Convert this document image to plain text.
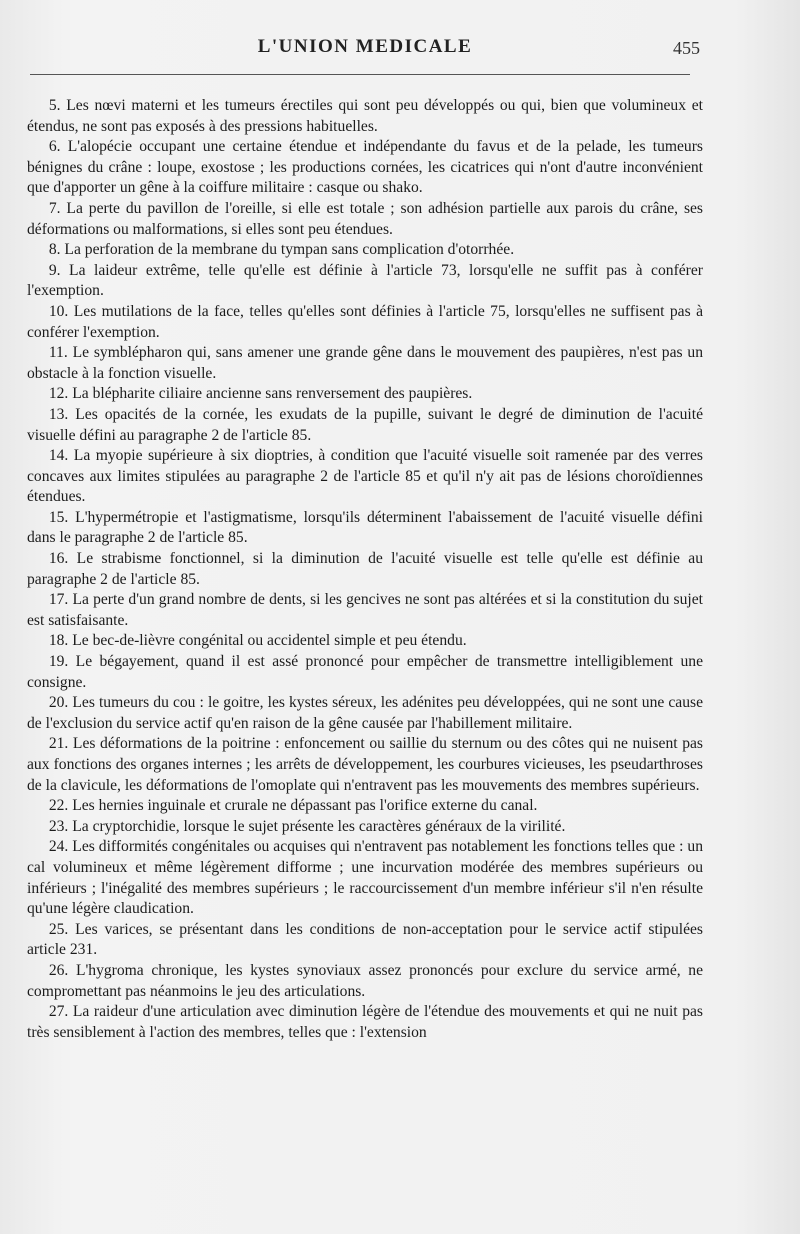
L'UNION MEDICALE	455

5. Les nœvi materni et les tumeurs érectiles qui sont peu développés ou qui, bien que volumineux et étendus, ne sont pas exposés à des pressions habituelles.

6. L'alopécie occupant une certaine étendue et indépendante du favus et de la pelade, les tumeurs bénignes du crâne : loupe, exostose ; les productions cornées, les cicatrices qui n'ont d'autre inconvénient que d'apporter un gêne à la coiffure militaire : casque ou shako.

7. La perte du pavillon de l'oreille, si elle est totale ; son adhésion partielle aux parois du crâne, ses déformations ou malformations, si elles sont peu étendues.

8. La perforation de la membrane du tympan sans complication d'otorrhée.

9. La laideur extrême, telle qu'elle est définie à l'article 73, lorsqu'elle ne suffit pas à conférer l'exemption.

10. Les mutilations de la face, telles qu'elles sont définies à l'article 75, lorsqu'elles ne suffisent pas à conférer l'exemption.

11. Le symblépharon qui, sans amener une grande gêne dans le mouvement des paupières, n'est pas un obstacle à la fonction visuelle.

12. La blépharite ciliaire ancienne sans renversement des paupières.

13. Les opacités de la cornée, les exudats de la pupille, suivant le degré de diminution de l'acuité visuelle défini au paragraphe 2 de l'article 85.

14. La myopie supérieure à six dioptries, à condition que l'acuité visuelle soit ramenée par des verres concaves aux limites stipulées au paragraphe 2 de l'article 85 et qu'il n'y ait pas de lésions choroïdiennes étendues.

15. L'hypermétropie et l'astigmatisme, lorsqu'ils déterminent l'abaissement de l'acuité visuelle défini dans le paragraphe 2 de l'article 85.

16. Le strabisme fonctionnel, si la diminution de l'acuité visuelle est telle qu'elle est définie au paragraphe 2 de l'article 85.

17. La perte d'un grand nombre de dents, si les gencives ne sont pas altérées et si la constitution du sujet est satisfaisante.

18. Le bec-de-lièvre congénital ou accidentel simple et peu étendu.

19. Le bégayement, quand il est assé prononcé pour empêcher de transmettre intelligiblement une consigne.

20. Les tumeurs du cou : le goitre, les kystes séreux, les adénites peu développées, qui ne sont une cause de l'exclusion du service actif qu'en raison de la gêne causée par l'habillement militaire.

21. Les déformations de la poitrine : enfoncement ou saillie du sternum ou des côtes qui ne nuisent pas aux fonctions des organes internes ; les arrêts de développement, les courbures vicieuses, les pseudarthroses de la clavicule, les déformations de l'omoplate qui n'entravent pas les mouvements des membres supérieurs.

22. Les hernies inguinale et crurale ne dépassant pas l'orifice externe du canal.

23. La cryptorchidie, lorsque le sujet présente les caractères généraux de la virilité.

24. Les difformités congénitales ou acquises qui n'entravent pas notablement les fonctions telles que : un cal volumineux et même légèrement difforme ; une incurvation modérée des membres supérieurs ou inférieurs ; l'inégalité des membres supérieurs ; le raccourcissement d'un membre inférieur s'il n'en résulte qu'une légère claudication.

25. Les varices, se présentant dans les conditions de non-acceptation pour le service actif stipulées article 231.

26. L'hygroma chronique, les kystes synoviaux assez prononcés pour exclure du service armé, ne compromettant pas néanmoins le jeu des articulations.

27. La raideur d'une articulation avec diminution légère de l'étendue des mouvements et qui ne nuit pas très sensiblement à l'action des membres, telles que : l'extension
